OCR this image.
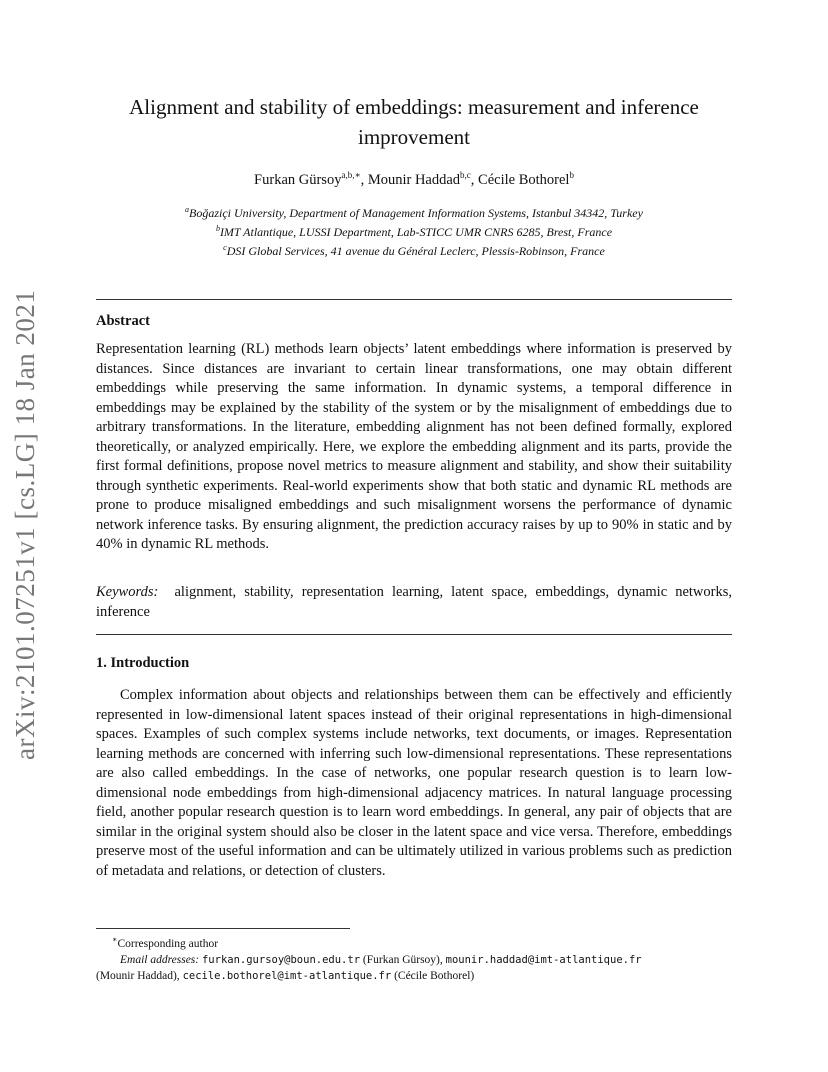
arXiv:2101.07251v1 [cs.LG] 18 Jan 2021
Alignment and stability of embeddings: measurement and inference improvement
Furkan Gürsoy$^{a,b,∗}$, Mounir Haddad$^{b,c}$, Cécile Bothorel$^b$
$^a$Boğaziçi University, Department of Management Information Systems, Istanbul 34342, Turkey
$^b$IMT Atlantique, LUSSI Department, Lab-STICC UMR CNRS 6285, Brest, France
$^c$DSI Global Services, 41 avenue du Général Leclerc, Plessis-Robinson, France
Abstract
Representation learning (RL) methods learn objects’ latent embeddings where information is preserved by distances. Since distances are invariant to certain linear transformations, one may obtain different embeddings while preserving the same information. In dynamic systems, a temporal difference in embeddings may be explained by the stability of the system or by the misalignment of embeddings due to arbitrary transformations. In the literature, embedding alignment has not been defined formally, explored theoretically, or analyzed empirically. Here, we explore the embedding alignment and its parts, provide the first formal definitions, propose novel metrics to measure alignment and stability, and show their suitability through synthetic experiments. Real-world experiments show that both static and dynamic RL methods are prone to produce misaligned embeddings and such misalignment worsens the performance of dynamic network inference tasks. By ensuring alignment, the prediction accuracy raises by up to 90% in static and by 40% in dynamic RL methods.
Keywords: alignment, stability, representation learning, latent space, embeddings, dynamic networks, inference
1. Introduction
Complex information about objects and relationships between them can be effectively and efficiently represented in low-dimensional latent spaces instead of their original representations in high-dimensional spaces. Examples of such complex systems include networks, text documents, or images. Representation learning methods are concerned with inferring such low-dimensional representations. These representations are also called embeddings. In the case of networks, one popular research question is to learn low-dimensional node embeddings from high-dimensional adjacency matrices. In natural language processing field, another popular research question is to learn word embeddings. In general, any pair of objects that are similar in the original system should also be closer in the latent space and vice versa. Therefore, embeddings preserve most of the useful information and can be ultimately utilized in various problems such as prediction of metadata and relations, or detection of clusters.
∗Corresponding author
Email addresses: furkan.gursoy@boun.edu.tr (Furkan Gürsoy), mounir.haddad@imt-atlantique.fr
(Mounir Haddad), cecile.bothorel@imt-atlantique.fr (Cécile Bothorel)
